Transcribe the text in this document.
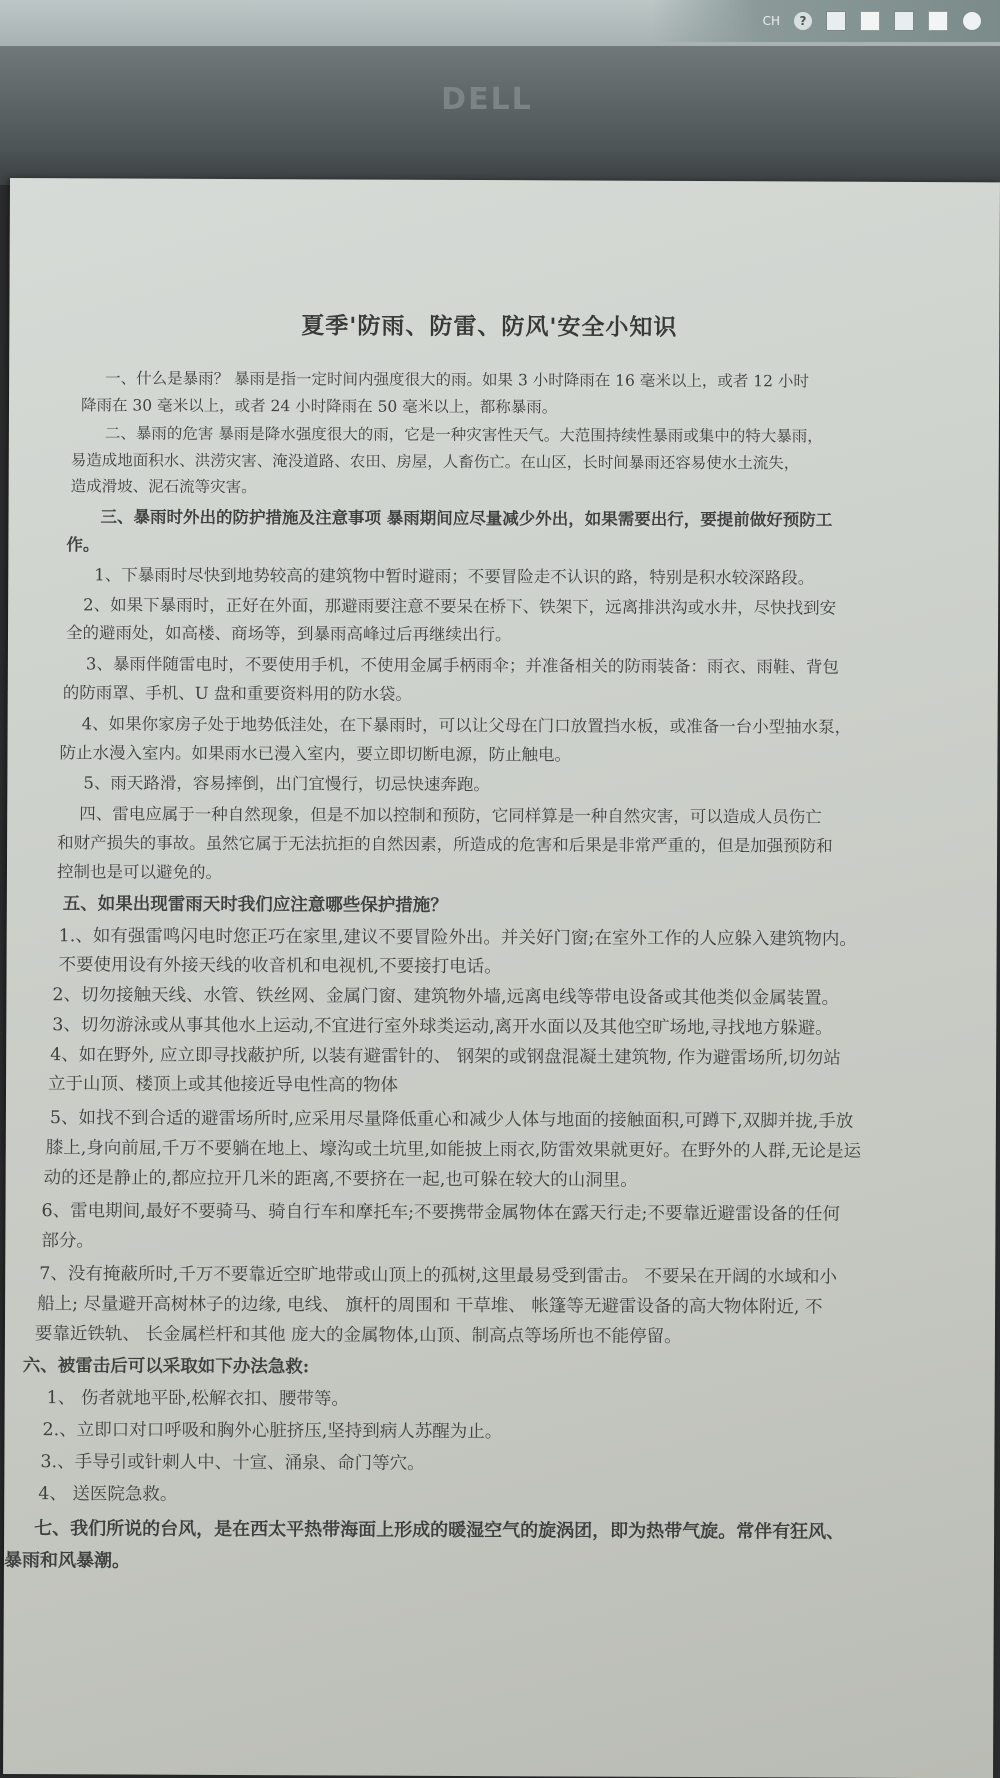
CH	?
DELL
夏季'防雨、防雷、防风'安全小知识
一、什么是暴雨？ 暴雨是指一定时间内强度很大的雨。如果 3 小时降雨在 16 毫米以上，或者 12 小时
降雨在 30 毫米以上，或者 24 小时降雨在 50 毫米以上，都称暴雨。
二、暴雨的危害 暴雨是降水强度很大的雨，它是一种灾害性天气。大范围持续性暴雨或集中的特大暴雨，
易造成地面积水、洪涝灾害、淹没道路、农田、房屋，人畜伤亡。在山区，长时间暴雨还容易使水土流失，
造成滑坡、泥石流等灾害。
三、暴雨时外出的防护措施及注意事项 暴雨期间应尽量减少外出，如果需要出行，要提前做好预防工
作。
1、下暴雨时尽快到地势较高的建筑物中暂时避雨；不要冒险走不认识的路，特别是积水较深路段。
2、如果下暴雨时，正好在外面，那避雨要注意不要呆在桥下、铁架下，远离排洪沟或水井，尽快找到安
全的避雨处，如高楼、商场等，到暴雨高峰过后再继续出行。
3、暴雨伴随雷电时，不要使用手机，不使用金属手柄雨伞；并准备相关的防雨装备：雨衣、雨鞋、背包
的防雨罩、手机、U 盘和重要资料用的防水袋。
4、如果你家房子处于地势低洼处，在下暴雨时，可以让父母在门口放置挡水板，或准备一台小型抽水泵，
防止水漫入室内。如果雨水已漫入室内，要立即切断电源，防止触电。
5、雨天路滑，容易摔倒，出门宜慢行，切忌快速奔跑。
四、雷电应属于一种自然现象，但是不加以控制和预防，它同样算是一种自然灾害，可以造成人员伤亡
和财产损失的事故。虽然它属于无法抗拒的自然因素，所造成的危害和后果是非常严重的，但是加强预防和
控制也是可以避免的。
五、如果出现雷雨天时我们应注意哪些保护措施？
1.、如有强雷鸣闪电时您正巧在家里,建议不要冒险外出。并关好门窗;在室外工作的人应躲入建筑物内。
不要使用设有外接天线的收音机和电视机,不要接打电话。
2、切勿接触天线、水管、铁丝网、金属门窗、建筑物外墙,远离电线等带电设备或其他类似金属装置。
3、切勿游泳或从事其他水上运动,不宜进行室外球类运动,离开水面以及其他空旷场地,寻找地方躲避。
4、如在野外, 应立即寻找蔽护所, 以装有避雷针的、 钢架的或钢盘混凝土建筑物, 作为避雷场所,切勿站
立于山顶、楼顶上或其他接近导电性高的物体
5、如找不到合适的避雷场所时,应采用尽量降低重心和减少人体与地面的接触面积,可蹲下,双脚并拢,手放
膝上,身向前屈,千万不要躺在地上、壕沟或土坑里,如能披上雨衣,防雷效果就更好。在野外的人群,无论是运
动的还是静止的,都应拉开几米的距离,不要挤在一起,也可躲在较大的山洞里。
6、雷电期间,最好不要骑马、骑自行车和摩托车;不要携带金属物体在露天行走;不要靠近避雷设备的任何
部分。
7、没有掩蔽所时,千万不要靠近空旷地带或山顶上的孤树,这里最易受到雷击。 不要呆在开阔的水域和小
船上; 尽量避开高树林子的边缘, 电线、 旗杆的周围和 干草堆、 帐篷等无避雷设备的高大物体附近, 不
要靠近铁轨、 长金属栏杆和其他 庞大的金属物体,山顶、制高点等场所也不能停留。
六、被雷击后可以采取如下办法急救:
1、 伤者就地平卧,松解衣扣、腰带等。
2.、立即口对口呼吸和胸外心脏挤压,坚持到病人苏醒为止。
3.、手导引或针刺人中、十宣、涌泉、命门等穴。
4、 送医院急救。
七、我们所说的台风，是在西太平热带海面上形成的暖湿空气的旋涡团，即为热带气旋。常伴有狂风、
暴雨和风暴潮。
